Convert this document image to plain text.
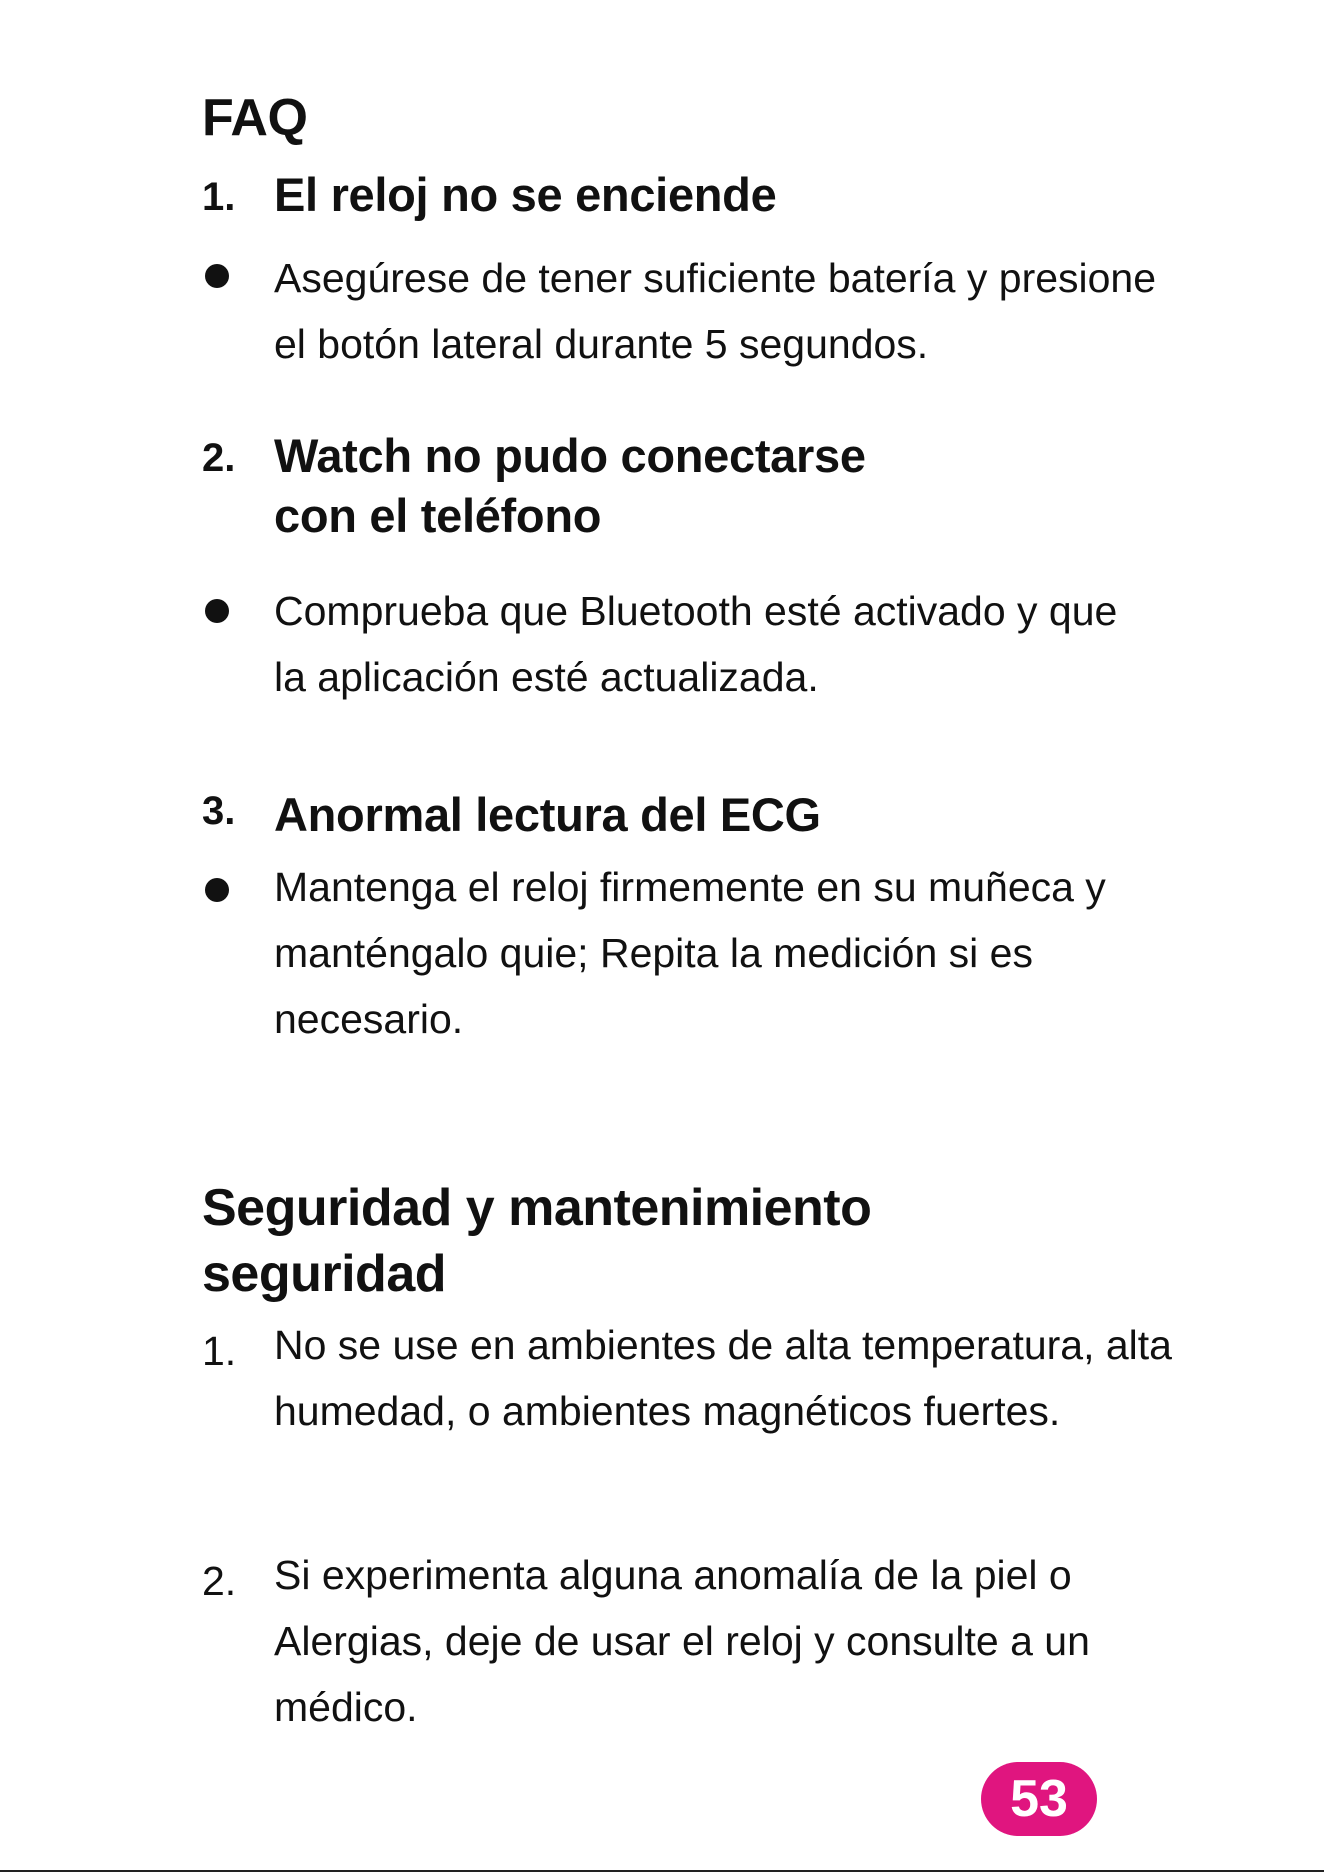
FAQ
1. El reloj no se enciende
Asegúrese de tener suficiente batería y presione el botón lateral durante 5 segundos.
2. Watch no pudo conectarse
con el teléfono
Comprueba que Bluetooth esté activado y que la aplicación esté actualizada.
3. Anormal lectura del ECG
Mantenga el reloj firmemente en su muñeca y manténgalo quie; Repita la medición si es necesario.
Seguridad y mantenimiento
seguridad
1. No se use en ambientes de alta temperatura, alta humedad, o ambientes magnéticos fuertes.
2. Si experimenta alguna anomalía de la piel o Alergias, deje de usar el reloj y consulte a un médico.
53
